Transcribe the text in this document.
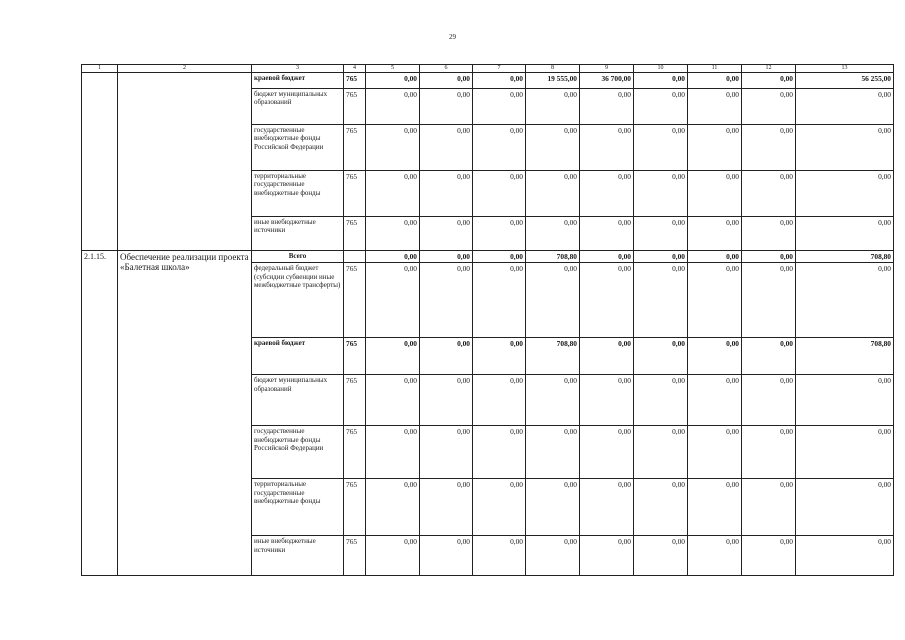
29
1	2	3	4	5	6	7	8	9	10	11	12	13
		краевой бюджет	765	0,00	0,00	0,00	19 555,00	36 700,00	0,00	0,00	0,00	56 255,00
		бюджет муниципальных образований	765	0,00	0,00	0,00	0,00	0,00	0,00	0,00	0,00	0,00
		государственные внебюджетные фонды Российской Федерации	765	0,00	0,00	0,00	0,00	0,00	0,00	0,00	0,00	0,00
		территориальные государственные внебюджетные фонды	765	0,00	0,00	0,00	0,00	0,00	0,00	0,00	0,00	0,00
		иные внебюджетные источники	765	0,00	0,00	0,00	0,00	0,00	0,00	0,00	0,00	0,00
2.1.15.	Обеспечение реализации проекта «Балетная школа»	Всего		0,00	0,00	0,00	708,80	0,00	0,00	0,00	0,00	708,80
		федеральный бюджет (субсидии субвенции иные межбюджетные трансферты)	765	0,00	0,00	0,00	0,00	0,00	0,00	0,00	0,00	0,00
		краевой бюджет	765	0,00	0,00	0,00	708,80	0,00	0,00	0,00	0,00	708,80
		бюджет муниципальных образований	765	0,00	0,00	0,00	0,00	0,00	0,00	0,00	0,00	0,00
		государственные внебюджетные фонды Российской Федерации	765	0,00	0,00	0,00	0,00	0,00	0,00	0,00	0,00	0,00
		территориальные государственные внебюджетные фонды	765	0,00	0,00	0,00	0,00	0,00	0,00	0,00	0,00	0,00
		иные внебюджетные источники	765	0,00	0,00	0,00	0,00	0,00	0,00	0,00	0,00	0,00
